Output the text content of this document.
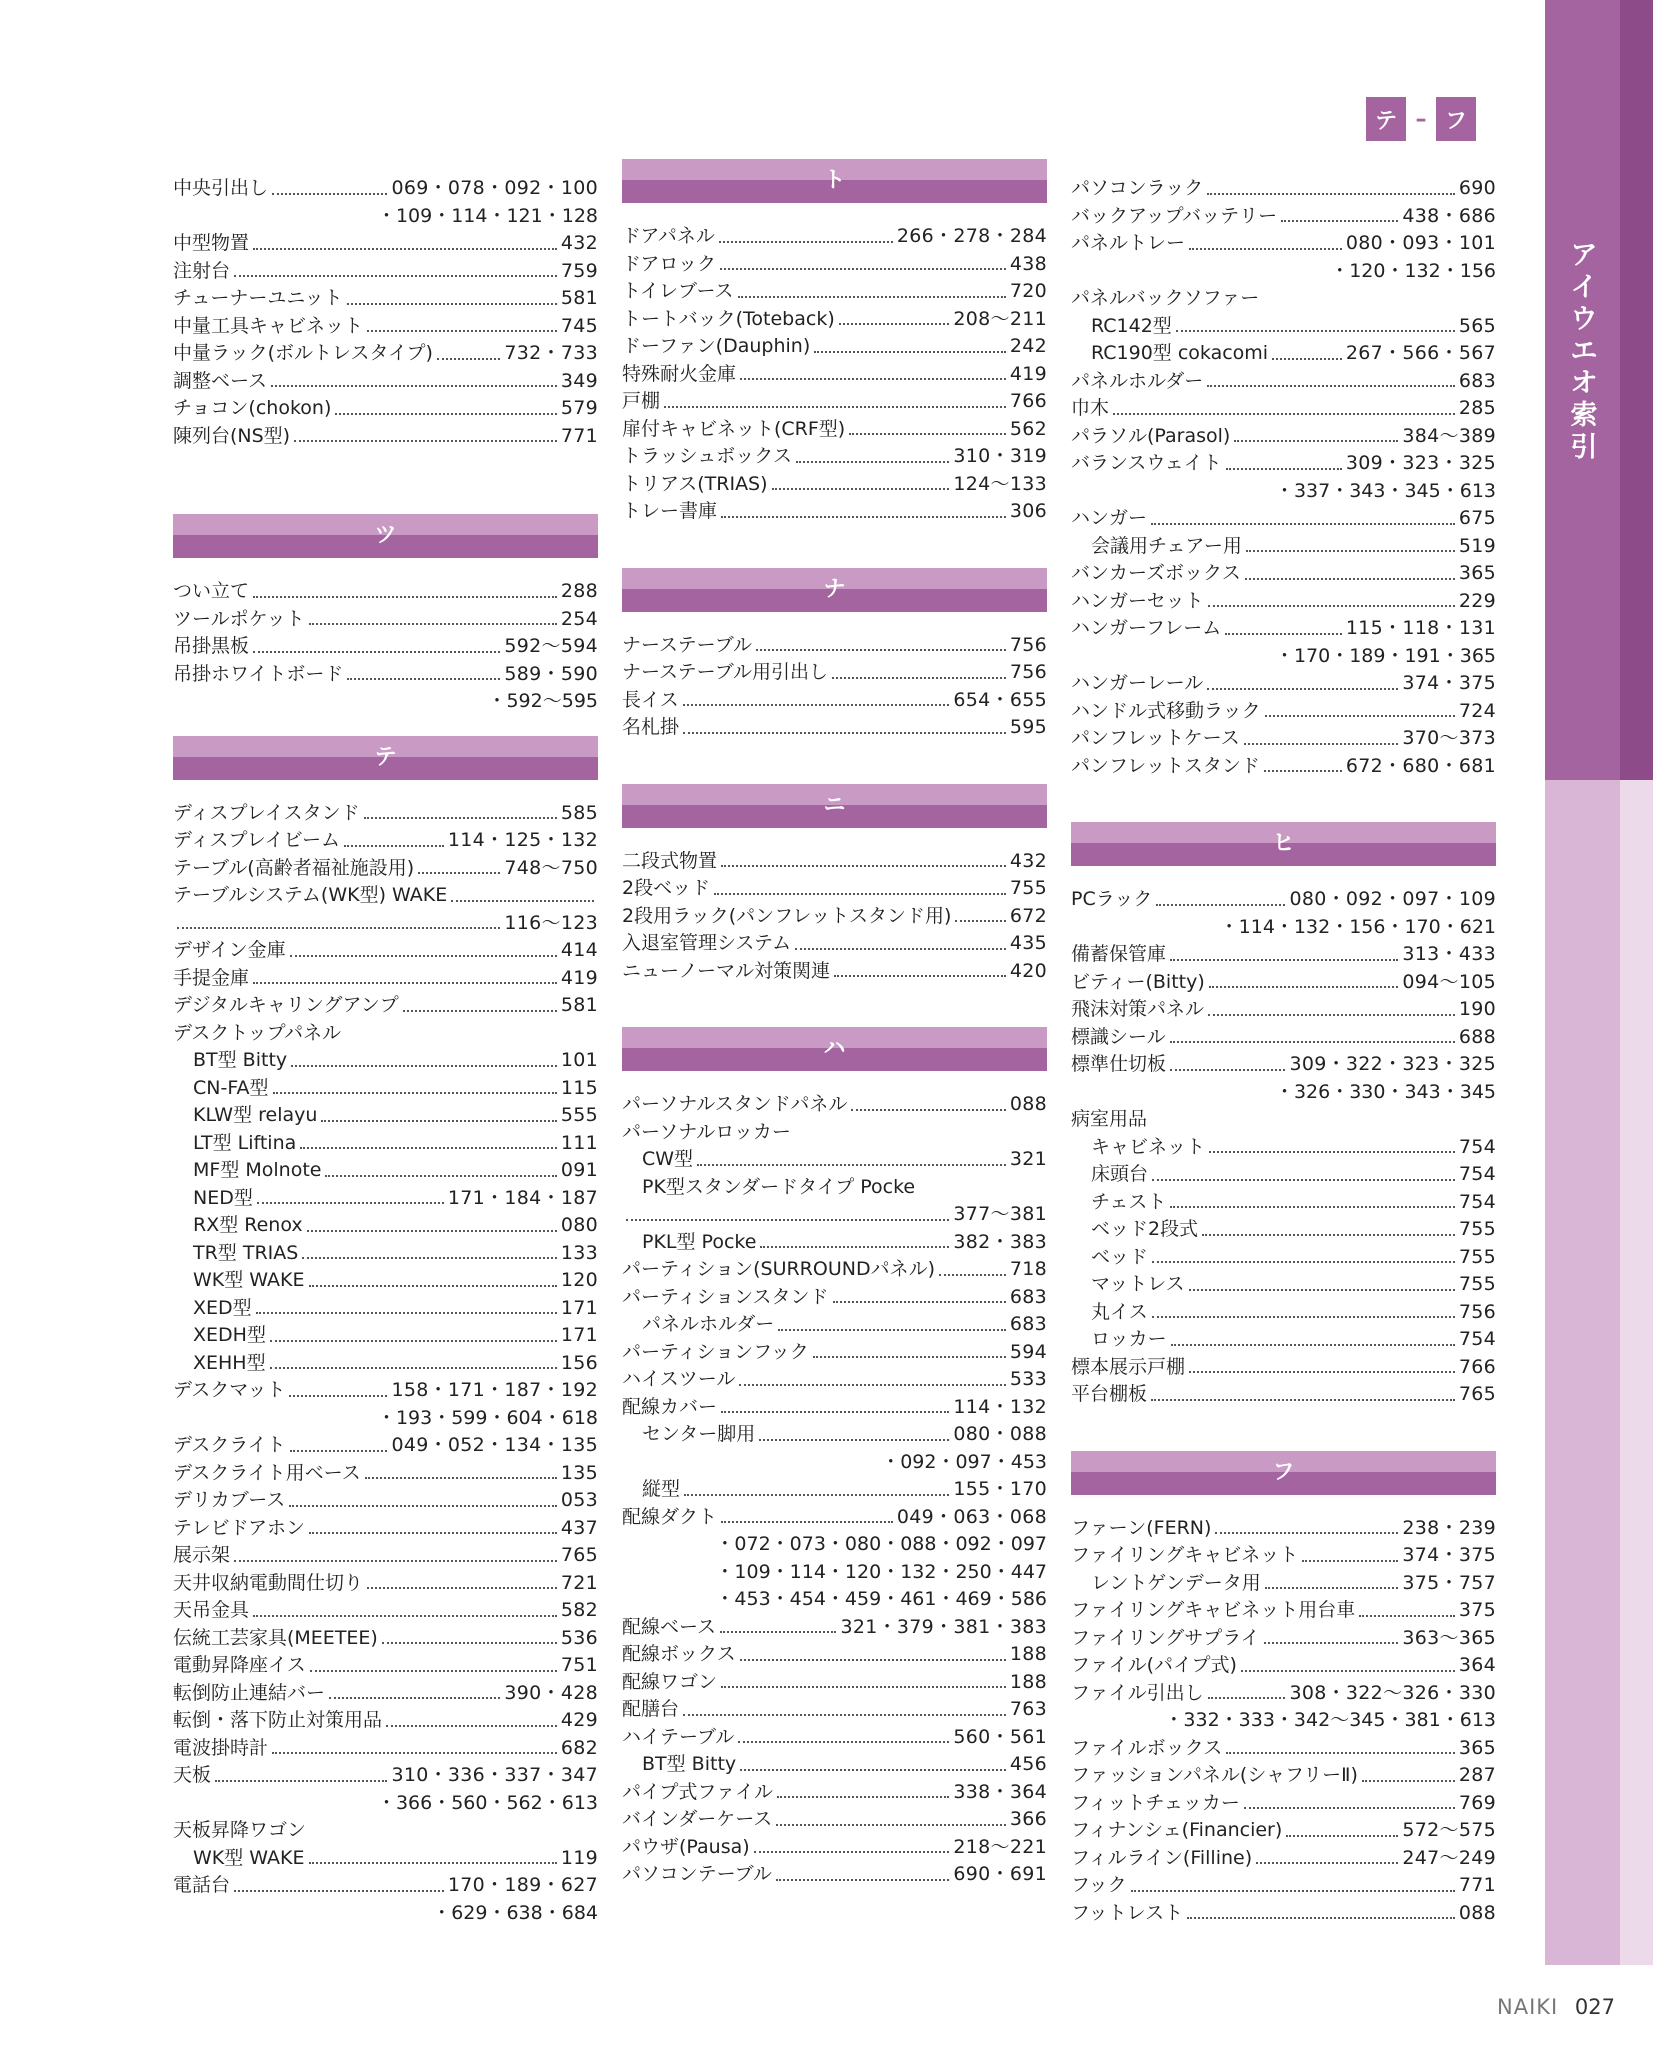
ア
イ
ウ
エ
オ
索
引
テ – フ
中央引出し	069・078・092・100
・109・114・121・128
中型物置	432
注射台	759
チューナーユニット	581
中量工具キャビネット	745
中量ラック(ボルトレスタイプ)	732・733
調整ベース	349
チョコン(chokon)	579
陳列台(NS型)	771
ツ
つい立て	288
ツールポケット	254
吊掛黒板	592〜594
吊掛ホワイトボード	589・590
・592〜595
テ
ディスプレイスタンド	585
ディスプレイビーム	114・125・132
テーブル(高齢者福祉施設用)	748〜750
テーブルシステム(WK型) WAKE
116〜123
デザイン金庫	414
手提金庫	419
デジタルキャリングアンプ	581
デスクトップパネル
BT型 Bitty	101
CN-FA型	115
KLW型 relayu	555
LT型 Liftina	111
MF型 Molnote	091
NED型	171・184・187
RX型 Renox	080
TR型 TRIAS	133
WK型 WAKE	120
XED型	171
XEDH型	171
XEHH型	156
デスクマット	158・171・187・192
・193・599・604・618
デスクライト	049・052・134・135
デスクライト用ベース	135
デリカブース	053
テレビドアホン	437
展示架	765
天井収納電動間仕切り	721
天吊金具	582
伝統工芸家具(MEETEE)	536
電動昇降座イス	751
転倒防止連結バー	390・428
転倒・落下防止対策用品	429
電波掛時計	682
天板	310・336・337・347
・366・560・562・613
天板昇降ワゴン
WK型 WAKE	119
電話台	170・189・627
・629・638・684
ト
ドアパネル	266・278・284
ドアロック	438
トイレブース	720
トートバック(Toteback)	208〜211
ドーファン(Dauphin)	242
特殊耐火金庫	419
戸棚	766
扉付キャビネット(CRF型)	562
トラッシュボックス	310・319
トリアス(TRIAS)	124〜133
トレー書庫	306
ナ
ナーステーブル	756
ナーステーブル用引出し	756
長イス	654・655
名札掛	595
ニ
二段式物置	432
2段ベッド	755
2段用ラック(パンフレットスタンド用)	672
入退室管理システム	435
ニューノーマル対策関連	420
ハ
パーソナルスタンドパネル	088
パーソナルロッカー
CW型	321
PK型スタンダードタイプ Pocke
377〜381
PKL型 Pocke	382・383
パーティション(SURROUNDパネル)	718
パーティションスタンド	683
パネルホルダー	683
パーティションフック	594
ハイスツール	533
配線カバー	114・132
センター脚用	080・088
・092・097・453
縦型	155・170
配線ダクト	049・063・068
・072・073・080・088・092・097
・109・114・120・132・250・447
・453・454・459・461・469・586
配線ベース	321・379・381・383
配線ボックス	188
配線ワゴン	188
配膳台	763
ハイテーブル	560・561
BT型 Bitty	456
パイプ式ファイル	338・364
バインダーケース	366
パウザ(Pausa)	218〜221
パソコンテーブル	690・691
パソコンラック	690
バックアップバッテリー	438・686
パネルトレー	080・093・101
・120・132・156
パネルバックソファー
RC142型	565
RC190型 cokacomi	267・566・567
パネルホルダー	683
巾木	285
パラソル(Parasol)	384〜389
バランスウェイト	309・323・325
・337・343・345・613
ハンガー	675
会議用チェアー用	519
バンカーズボックス	365
ハンガーセット	229
ハンガーフレーム	115・118・131
・170・189・191・365
ハンガーレール	374・375
ハンドル式移動ラック	724
パンフレットケース	370〜373
パンフレットスタンド	672・680・681
ヒ
PCラック	080・092・097・109
・114・132・156・170・621
備蓄保管庫	313・433
ビティー(Bitty)	094〜105
飛沫対策パネル	190
標識シール	688
標準仕切板	309・322・323・325
・326・330・343・345
病室用品
キャビネット	754
床頭台	754
チェスト	754
ベッド2段式	755
ベッド	755
マットレス	755
丸イス	756
ロッカー	754
標本展示戸棚	766
平台棚板	765
フ
ファーン(FERN)	238・239
ファイリングキャビネット	374・375
レントゲンデータ用	375・757
ファイリングキャビネット用台車	375
ファイリングサプライ	363〜365
ファイル(パイプ式)	364
ファイル引出し	308・322〜326・330
・332・333・342〜345・381・613
ファイルボックス	365
ファッションパネル(シャフリーⅡ)	287
フィットチェッカー	769
フィナンシェ(Financier)	572〜575
フィルライン(Filline)	247〜249
フック	771
フットレスト	088
NAIKI 027
